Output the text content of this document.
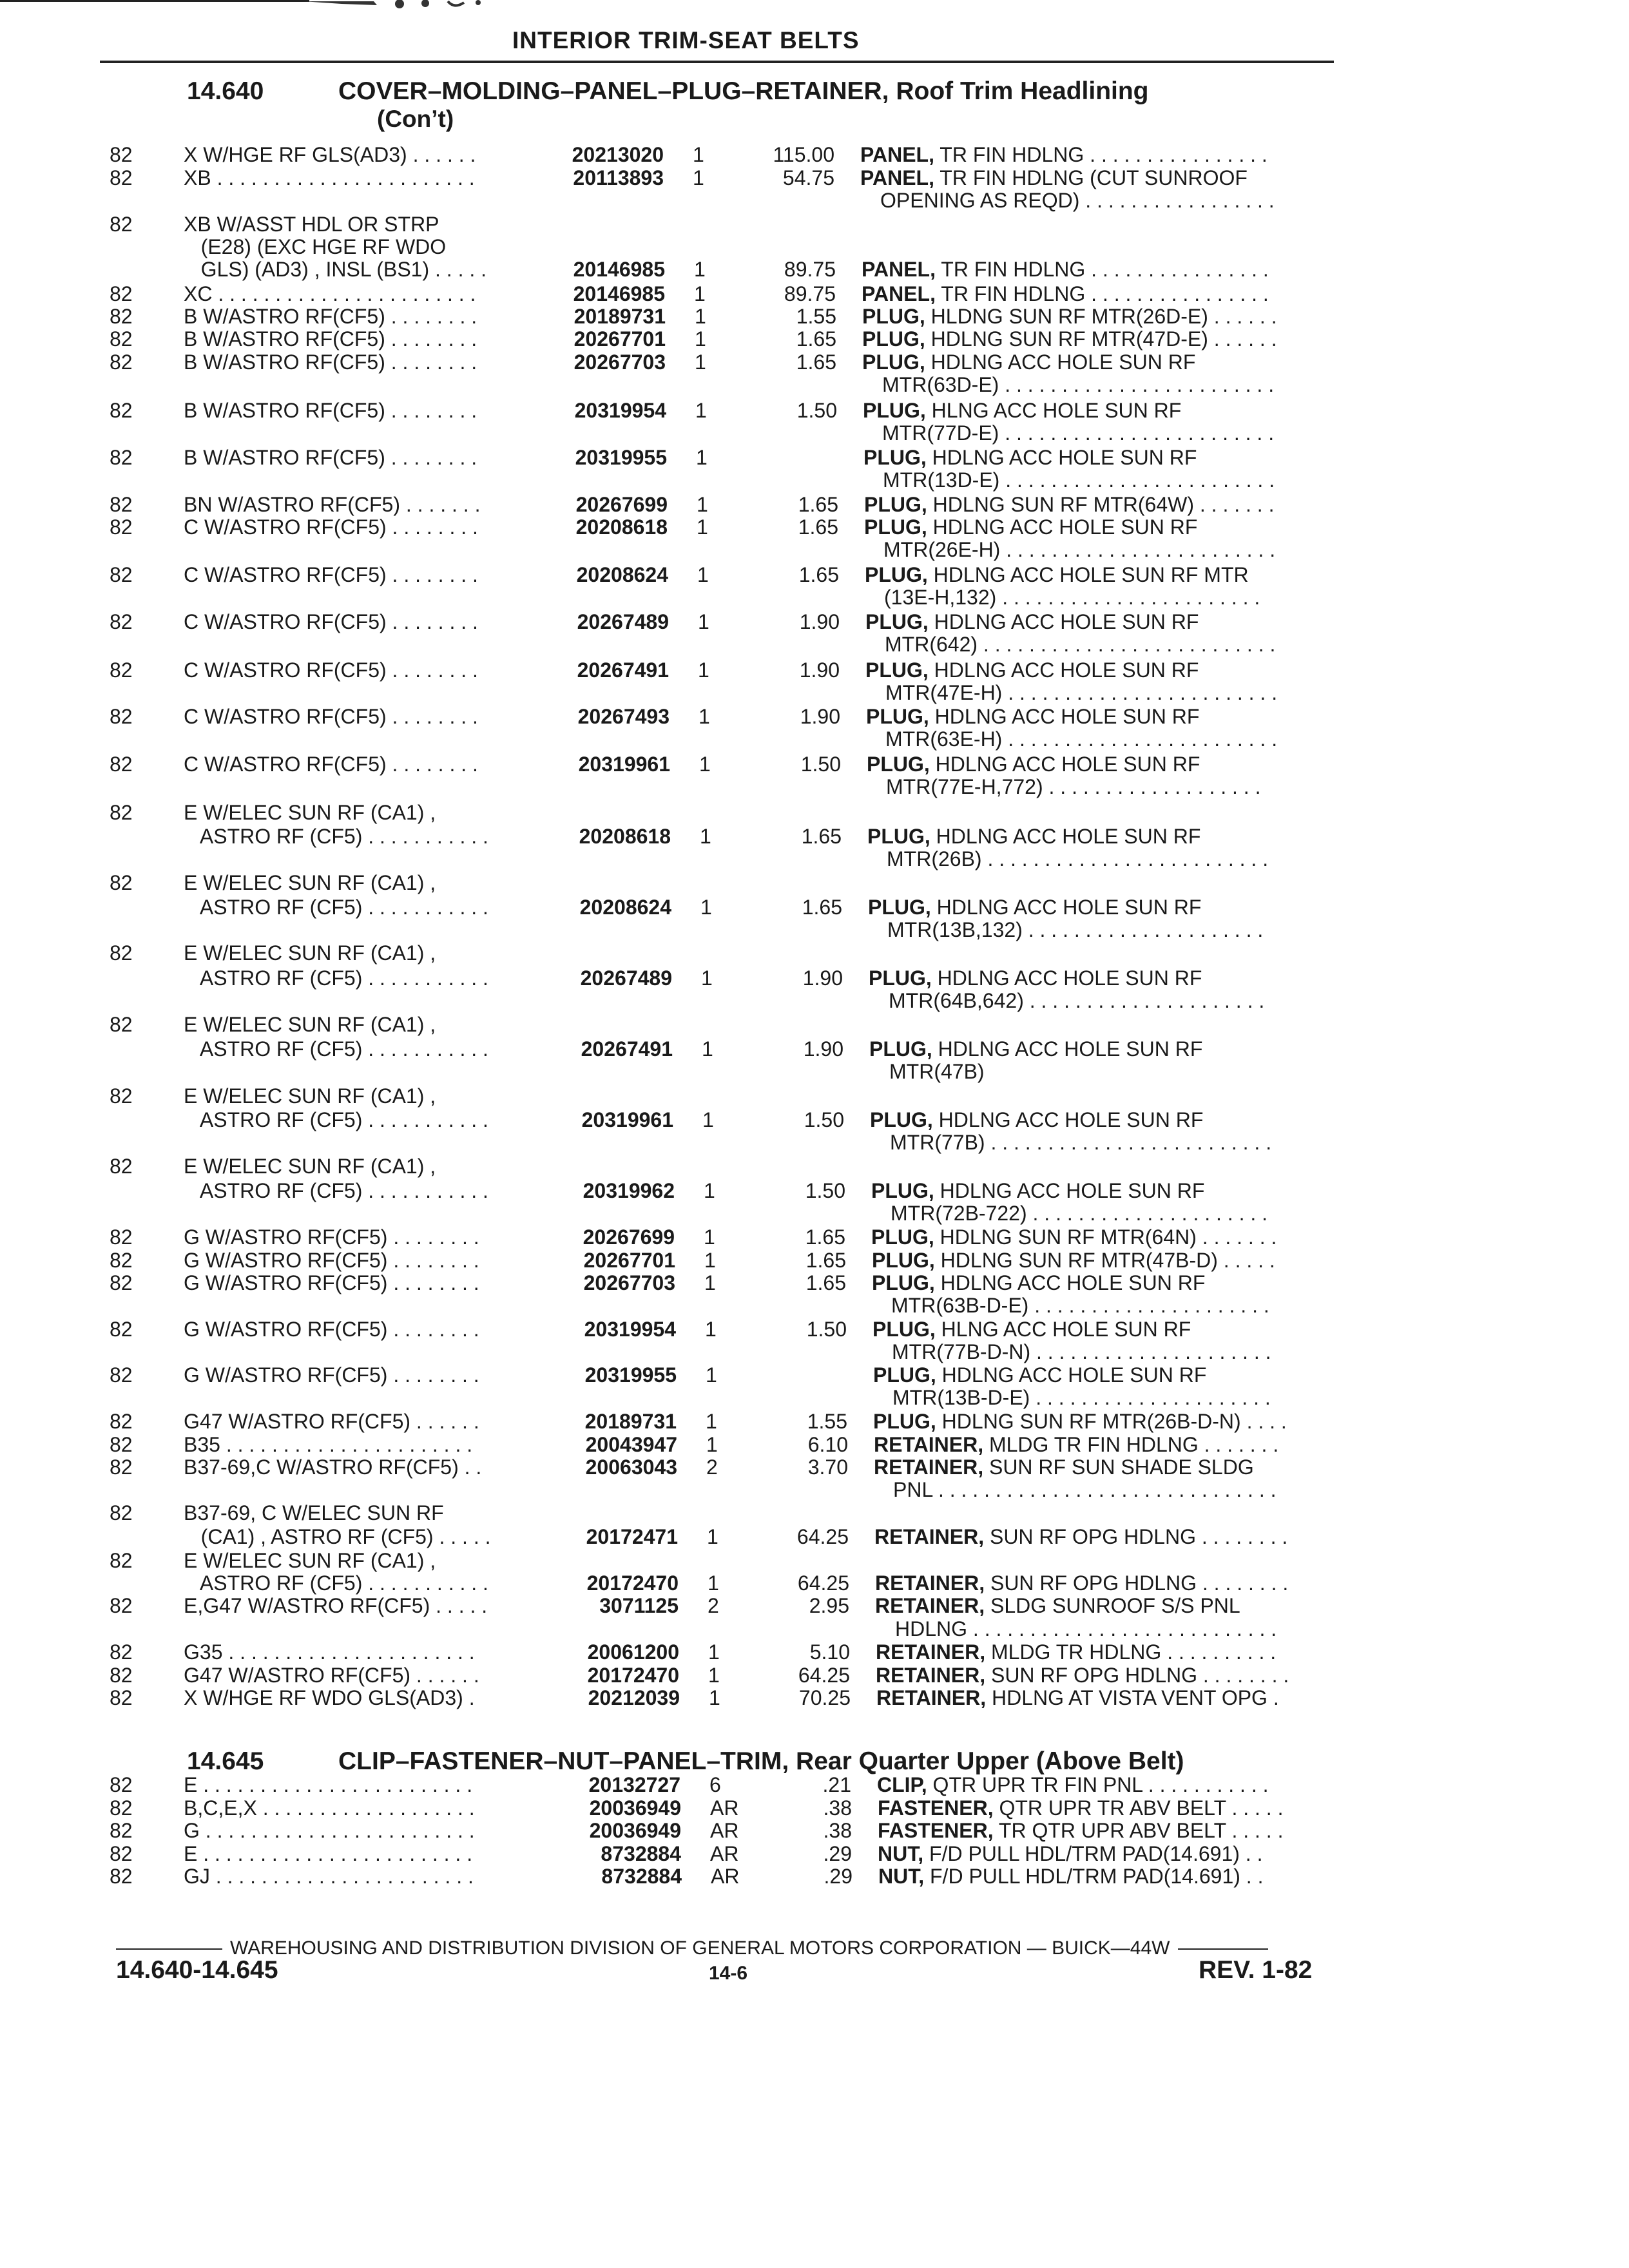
INTERIOR TRIM-SEAT BELTS
14.640	COVER–MOLDING–PANEL–PLUG–RETAINER, Roof Trim Headlining
(Con’t)
14.645	CLIP–FASTENER–NUT–PANEL–TRIM, Rear Quarter Upper (Above Belt)
82 X W/HGE RF GLS(AD3) . . . . . .	20213020 1	115.00 PANEL, TR FIN HDLNG . . . . . . . . . . . . . . . .
82 XB . . . . . . . . . . . . . . . . . . . . . . .	20113893 1	54.75 PANEL, TR FIN HDLNG (CUT SUNROOF
OPENING AS REQD) . . . . . . . . . . . . . . . . .
82 XB W/ASST HDL OR STRP
(E28) (EXC HGE RF WDO
GLS) (AD3) , INSL (BS1) . . . . .	20146985 1	89.75 PANEL, TR FIN HDLNG . . . . . . . . . . . . . . . .
82 XC . . . . . . . . . . . . . . . . . . . . . . .	20146985 1	89.75 PANEL, TR FIN HDLNG . . . . . . . . . . . . . . . .
82 B W/ASTRO RF(CF5) . . . . . . . .	20189731 1	1.55 PLUG, HLDNG SUN RF MTR(26D-E) . . . . . .
82 B W/ASTRO RF(CF5) . . . . . . . .	20267701 1	1.65 PLUG, HDLNG SUN RF MTR(47D-E) . . . . . .
82 B W/ASTRO RF(CF5) . . . . . . . .	20267703 1	1.65 PLUG, HDLNG ACC HOLE SUN RF
MTR(63D-E) . . . . . . . . . . . . . . . . . . . . . . . .
82 B W/ASTRO RF(CF5) . . . . . . . .	20319954 1	1.50 PLUG, HLNG ACC HOLE SUN RF
MTR(77D-E) . . . . . . . . . . . . . . . . . . . . . . . .
82 B W/ASTRO RF(CF5) . . . . . . . .	20319955 1	PLUG, HDLNG ACC HOLE SUN RF
MTR(13D-E) . . . . . . . . . . . . . . . . . . . . . . . .
82 BN W/ASTRO RF(CF5) . . . . . . .	20267699 1	1.65 PLUG, HDLNG SUN RF MTR(64W) . . . . . . .
82 C W/ASTRO RF(CF5) . . . . . . . .	20208618 1	1.65 PLUG, HDLNG ACC HOLE SUN RF
MTR(26E-H) . . . . . . . . . . . . . . . . . . . . . . . .
82 C W/ASTRO RF(CF5) . . . . . . . .	20208624 1	1.65 PLUG, HDLNG ACC HOLE SUN RF MTR
(13E-H,132) . . . . . . . . . . . . . . . . . . . . . . .
82 C W/ASTRO RF(CF5) . . . . . . . .	20267489 1	1.90 PLUG, HDLNG ACC HOLE SUN RF
MTR(642) . . . . . . . . . . . . . . . . . . . . . . . . . .
82 C W/ASTRO RF(CF5) . . . . . . . .	20267491 1	1.90 PLUG, HDLNG ACC HOLE SUN RF
MTR(47E-H) . . . . . . . . . . . . . . . . . . . . . . . .
82 C W/ASTRO RF(CF5) . . . . . . . .	20267493 1	1.90 PLUG, HDLNG ACC HOLE SUN RF
MTR(63E-H) . . . . . . . . . . . . . . . . . . . . . . . .
82 C W/ASTRO RF(CF5) . . . . . . . .	20319961 1	1.50 PLUG, HDLNG ACC HOLE SUN RF
MTR(77E-H,772) . . . . . . . . . . . . . . . . . . .
82 E W/ELEC SUN RF (CA1) ,
ASTRO RF (CF5) . . . . . . . . . . .	20208618 1	1.65 PLUG, HDLNG ACC HOLE SUN RF
MTR(26B) . . . . . . . . . . . . . . . . . . . . . . . . .
82 E W/ELEC SUN RF (CA1) ,
ASTRO RF (CF5) . . . . . . . . . . .	20208624 1	1.65 PLUG, HDLNG ACC HOLE SUN RF
MTR(13B,132) . . . . . . . . . . . . . . . . . . . . .
82 E W/ELEC SUN RF (CA1) ,
ASTRO RF (CF5) . . . . . . . . . . .	20267489 1	1.90 PLUG, HDLNG ACC HOLE SUN RF
MTR(64B,642) . . . . . . . . . . . . . . . . . . . . .
82 E W/ELEC SUN RF (CA1) ,
ASTRO RF (CF5) . . . . . . . . . . .	20267491 1	1.90 PLUG, HDLNG ACC HOLE SUN RF
MTR(47B)
82 E W/ELEC SUN RF (CA1) ,
ASTRO RF (CF5) . . . . . . . . . . .	20319961 1	1.50 PLUG, HDLNG ACC HOLE SUN RF
MTR(77B) . . . . . . . . . . . . . . . . . . . . . . . . .
82 E W/ELEC SUN RF (CA1) ,
ASTRO RF (CF5) . . . . . . . . . . .	20319962 1	1.50 PLUG, HDLNG ACC HOLE SUN RF
MTR(72B-722) . . . . . . . . . . . . . . . . . . . . .
82 G W/ASTRO RF(CF5) . . . . . . . .	20267699 1	1.65 PLUG, HDLNG SUN RF MTR(64N) . . . . . . .
82 G W/ASTRO RF(CF5) . . . . . . . .	20267701 1	1.65 PLUG, HDLNG SUN RF MTR(47B-D) . . . . .
82 G W/ASTRO RF(CF5) . . . . . . . .	20267703 1	1.65 PLUG, HDLNG ACC HOLE SUN RF
MTR(63B-D-E) . . . . . . . . . . . . . . . . . . . . .
82 G W/ASTRO RF(CF5) . . . . . . . .	20319954 1	1.50 PLUG, HLNG ACC HOLE SUN RF
MTR(77B-D-N) . . . . . . . . . . . . . . . . . . . . .
82 G W/ASTRO RF(CF5) . . . . . . . .	20319955 1	PLUG, HDLNG ACC HOLE SUN RF
MTR(13B-D-E) . . . . . . . . . . . . . . . . . . . . .
82 G47 W/ASTRO RF(CF5) . . . . . .	20189731 1	1.55 PLUG, HDLNG SUN RF MTR(26B-D-N) . . . .
82 B35 . . . . . . . . . . . . . . . . . . . . . .	20043947 1	6.10 RETAINER, MLDG TR FIN HDLNG . . . . . . .
82 B37-69,C W/ASTRO RF(CF5) . .	20063043 2	3.70 RETAINER, SUN RF SUN SHADE SLDG
PNL . . . . . . . . . . . . . . . . . . . . . . . . . . . . . .
82 B37-69, C W/ELEC SUN RF
(CA1) , ASTRO RF (CF5) . . . . .	20172471 1	64.25 RETAINER, SUN RF OPG HDLNG . . . . . . . .
82 E W/ELEC SUN RF (CA1) ,
ASTRO RF (CF5) . . . . . . . . . . .	20172470 1	64.25 RETAINER, SUN RF OPG HDLNG . . . . . . . .
82 E,G47 W/ASTRO RF(CF5) . . . . .	3071125 2	2.95 RETAINER, SLDG SUNROOF S/S PNL
HDLNG . . . . . . . . . . . . . . . . . . . . . . . . . . .
82 G35 . . . . . . . . . . . . . . . . . . . . . .	20061200 1	5.10 RETAINER, MLDG TR HDLNG . . . . . . . . . .
82 G47 W/ASTRO RF(CF5) . . . . . .	20172470 1	64.25 RETAINER, SUN RF OPG HDLNG . . . . . . . .
82 X W/HGE RF WDO GLS(AD3) .	20212039 1	70.25 RETAINER, HDLNG AT VISTA VENT OPG .
82 E . . . . . . . . . . . . . . . . . . . . . . . .	20132727 6	.21 CLIP, QTR UPR TR FIN PNL . . . . . . . . . . .
82 B,C,E,X . . . . . . . . . . . . . . . . . . .	20036949 AR	.38 FASTENER, QTR UPR TR ABV BELT . . . . .
82 G . . . . . . . . . . . . . . . . . . . . . . . .	20036949 AR	.38 FASTENER, TR QTR UPR ABV BELT . . . . .
82 E . . . . . . . . . . . . . . . . . . . . . . . .	8732884 AR	.29 NUT, F/D PULL HDL/TRM PAD(14.691) . .
82 GJ . . . . . . . . . . . . . . . . . . . . . . .	8732884 AR	.29 NUT, F/D PULL HDL/TRM PAD(14.691) . .
WAREHOUSING AND DISTRIBUTION DIVISION OF GENERAL MOTORS CORPORATION — BUICK—44W
14.640-14.645	14-6	REV. 1-82
